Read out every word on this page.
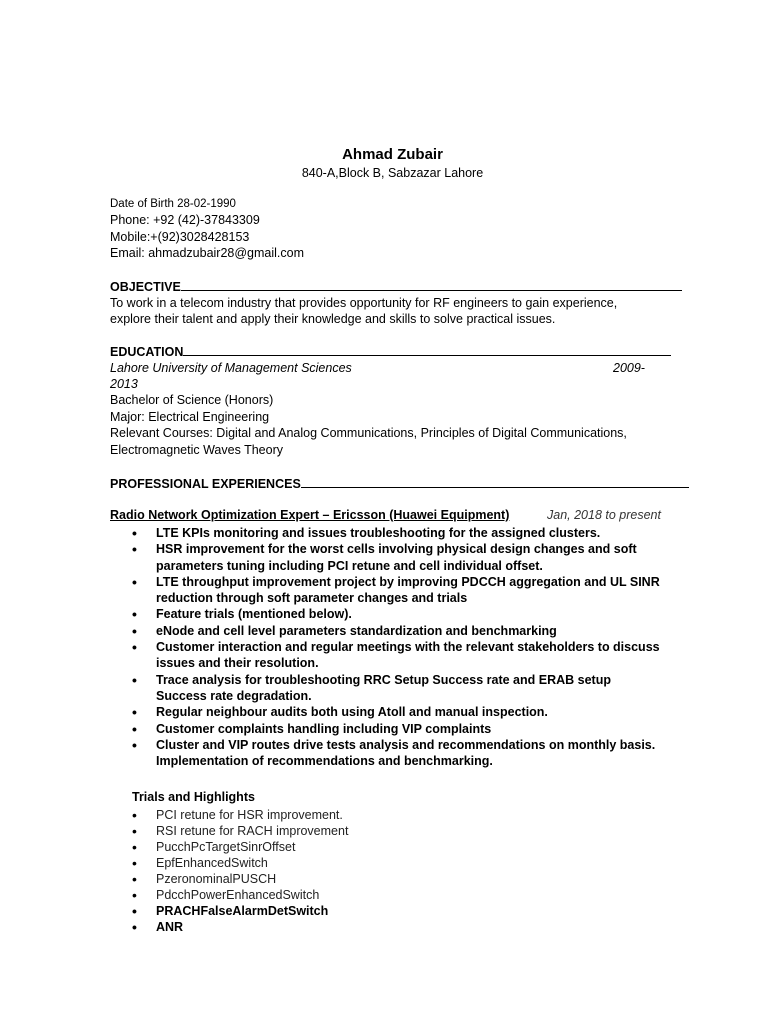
Ahmad Zubair
840-A,Block B, Sabzazar Lahore
Date of Birth 28-02-1990
Phone: +92 (42)-37843309
Mobile:+(92)3028428153
Email: ahmadzubair28@gmail.com
OBJECTIVE
To work in a telecom industry that provides opportunity for RF engineers to gain experience,
explore their talent and apply their knowledge and skills to solve practical issues.
EDUCATION
Lahore University of Management Sciences	2009-
2013
Bachelor of Science (Honors)
Major: Electrical Engineering
Relevant Courses: Digital and Analog Communications, Principles of Digital Communications,
Electromagnetic Waves Theory
PROFESSIONAL EXPERIENCES
Radio Network Optimization Expert – Ericsson (Huawei Equipment)	Jan, 2018 to present
• LTE KPIs monitoring and issues troubleshooting for the assigned clusters.
• HSR improvement for the worst cells involving physical design changes and soft parameters tuning including PCI retune and cell individual offset.
• LTE throughput improvement project by improving PDCCH aggregation and UL SINR reduction through soft parameter changes and trials
• Feature trials (mentioned below).
• eNode and cell level parameters standardization and benchmarking
• Customer interaction and regular meetings with the relevant stakeholders to discuss issues and their resolution.
• Trace analysis for troubleshooting RRC Setup Success rate and ERAB setup Success rate degradation.
• Regular neighbour audits both using Atoll and manual inspection.
• Customer complaints handling including VIP complaints
• Cluster and VIP routes drive tests analysis and recommendations on monthly basis. Implementation of recommendations and benchmarking.
Trials and Highlights
• PCI retune for HSR improvement.
• RSI retune for RACH improvement
• PucchPcTargetSinrOffset
• EpfEnhancedSwitch
• PzeronominalPUSCH
• PdcchPowerEnhancedSwitch
• PRACHFalseAlarmDetSwitch
• ANR
